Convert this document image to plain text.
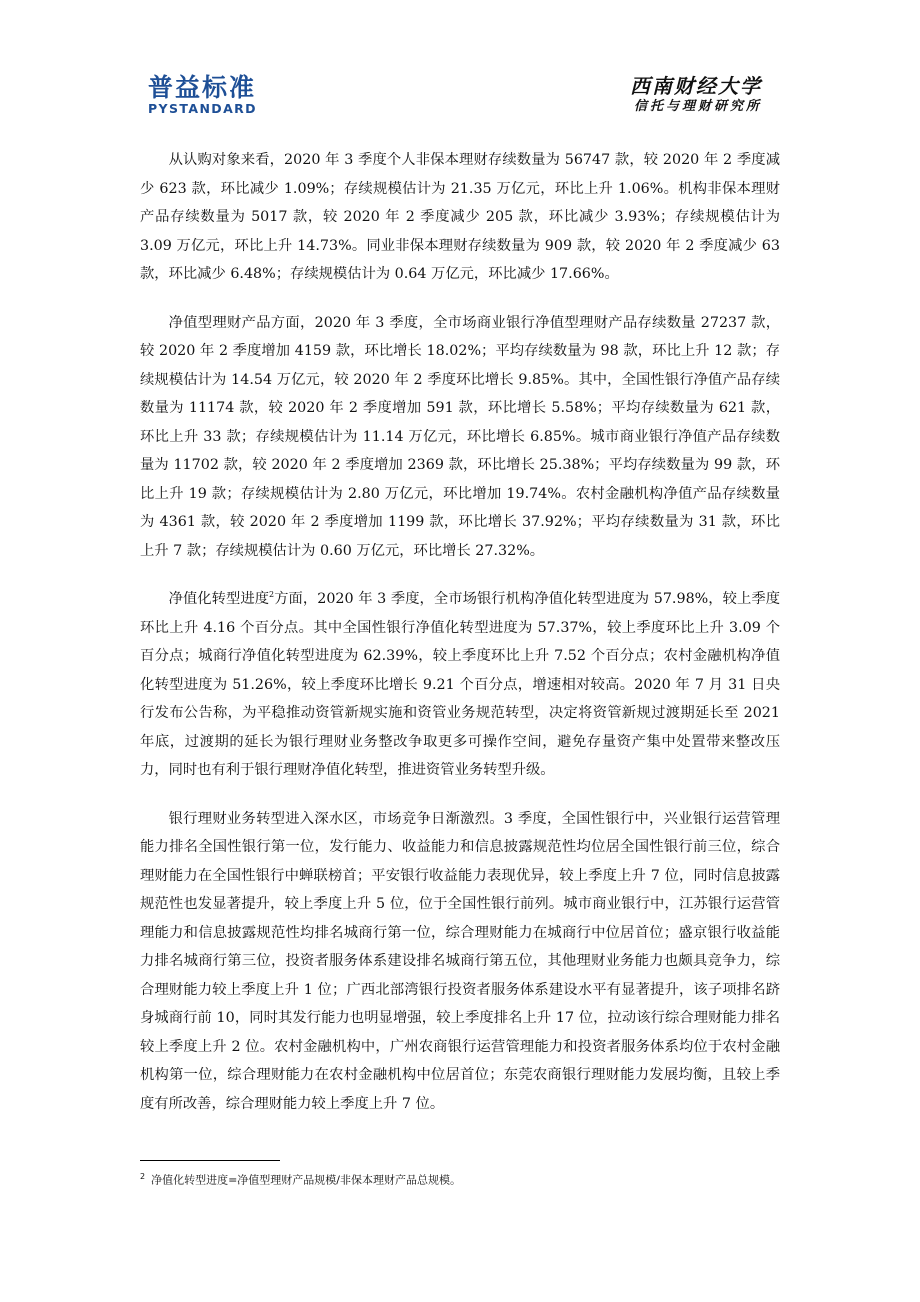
普益标准
PYSTANDARD
西南财经大学
信托与理财研究所

从认购对象来看，2020 年 3 季度个人非保本理财存续数量为 56747 款，较 2020 年 2 季度减少 623 款，环比减少 1.09%；存续规模估计为 21.35 万亿元，环比上升 1.06%。机构非保本理财产品存续数量为 5017 款，较 2020 年 2 季度减少 205 款，环比减少 3.93%；存续规模估计为 3.09 万亿元，环比上升 14.73%。同业非保本理财存续数量为 909 款，较 2020 年 2 季度减少 63 款，环比减少 6.48%；存续规模估计为 0.64 万亿元，环比减少 17.66%。

净值型理财产品方面，2020 年 3 季度，全市场商业银行净值型理财产品存续数量 27237 款，较 2020 年 2 季度增加 4159 款，环比增长 18.02%；平均存续数量为 98 款，环比上升 12 款；存续规模估计为 14.54 万亿元，较 2020 年 2 季度环比增长 9.85%。其中，全国性银行净值产品存续数量为 11174 款，较 2020 年 2 季度增加 591 款，环比增长 5.58%；平均存续数量为 621 款，环比上升 33 款；存续规模估计为 11.14 万亿元，环比增长 6.85%。城市商业银行净值产品存续数量为 11702 款，较 2020 年 2 季度增加 2369 款，环比增长 25.38%；平均存续数量为 99 款，环比上升 19 款；存续规模估计为 2.80 万亿元，环比增加 19.74%。农村金融机构净值产品存续数量为 4361 款，较 2020 年 2 季度增加 1199 款，环比增长 37.92%；平均存续数量为 31 款，环比上升 7 款；存续规模估计为 0.60 万亿元，环比增长 27.32%。

净值化转型进度$^2$方面，2020 年 3 季度，全市场银行机构净值化转型进度为 57.98%，较上季度环比上升 4.16 个百分点。其中全国性银行净值化转型进度为 57.37%，较上季度环比上升 3.09 个百分点；城商行净值化转型进度为 62.39%，较上季度环比上升 7.52 个百分点；农村金融机构净值化转型进度为 51.26%，较上季度环比增长 9.21 个百分点，增速相对较高。2020 年 7 月 31 日央行发布公告称，为平稳推动资管新规实施和资管业务规范转型，决定将资管新规过渡期延长至 2021 年底，过渡期的延长为银行理财业务整改争取更多可操作空间，避免存量资产集中处置带来整改压力，同时也有利于银行理财净值化转型，推进资管业务转型升级。

银行理财业务转型进入深水区，市场竞争日渐激烈。3 季度，全国性银行中，兴业银行运营管理能力排名全国性银行第一位，发行能力、收益能力和信息披露规范性均位居全国性银行前三位，综合理财能力在全国性银行中蝉联榜首；平安银行收益能力表现优异，较上季度上升 7 位，同时信息披露规范性也发显著提升，较上季度上升 5 位，位于全国性银行前列。城市商业银行中，江苏银行运营管理能力和信息披露规范性均排名城商行第一位，综合理财能力在城商行中位居首位；盛京银行收益能力排名城商行第三位，投资者服务体系建设排名城商行第五位，其他理财业务能力也颇具竞争力，综合理财能力较上季度上升 1 位；广西北部湾银行投资者服务体系建设水平有显著提升，该子项排名跻身城商行前 10，同时其发行能力也明显增强，较上季度排名上升 17 位，拉动该行综合理财能力排名较上季度上升 2 位。农村金融机构中，广州农商银行运营管理能力和投资者服务体系均位于农村金融机构第一位，综合理财能力在农村金融机构中位居首位；东莞农商银行理财能力发展均衡，且较上季度有所改善，综合理财能力较上季度上升 7 位。

$^2$ 净值化转型进度=净值型理财产品规模/非保本理财产品总规模。
